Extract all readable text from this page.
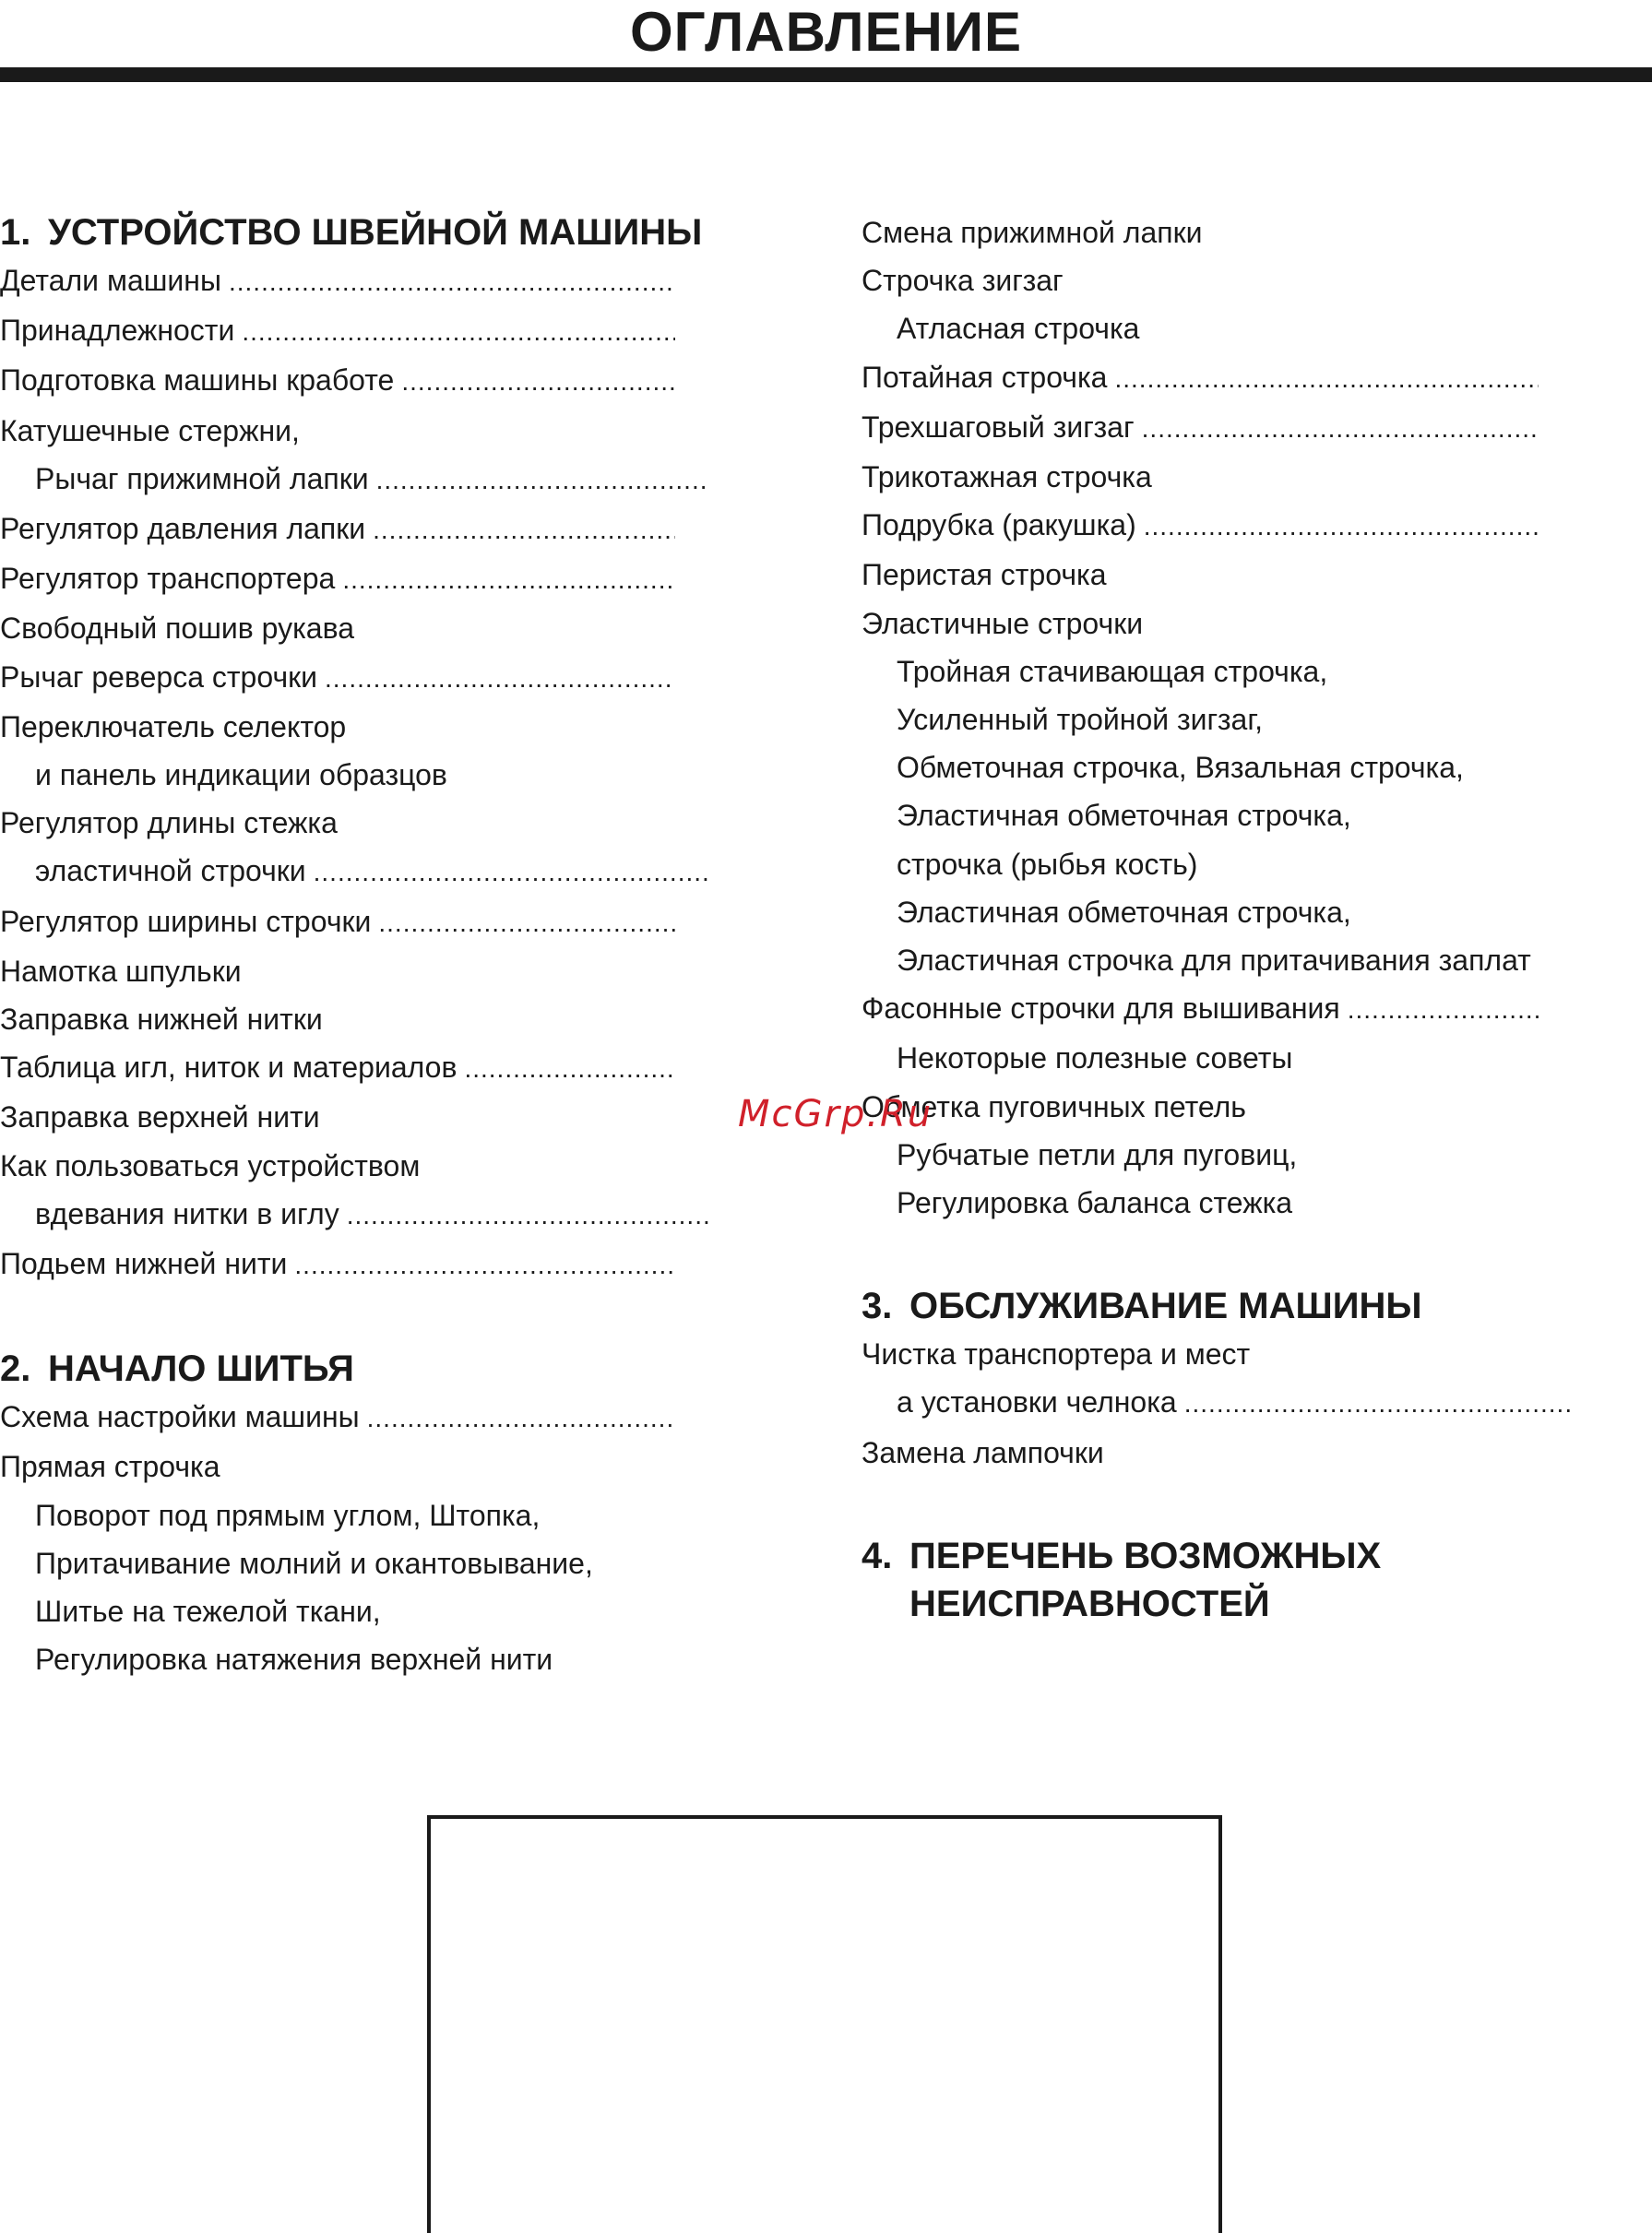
ОГЛАВЛЕНИЕ
1. УСТРОЙСТВО ШВЕЙНОЙ МАШИНЫ
Детали машины
.....
Принадлежности
.....
Подготовка машины кработе
.....
Катушечные стержни,
Рычаг прижимной лапки
.....
Регулятор давления лапки
.....
Регулятор транспортера
.....
Свободный пошив рукава
Рычаг реверса строчки
.....
Переключатель селектор
и панель индикации образцов
Регулятор длины стежка
эластичной строчки
.....
Регулятор ширины строчки
.....
Намотка шпульки
Заправка нижней нитки
Таблица игл, ниток и материалов
.....
Заправка верхней нити
Как пользоваться устройством
вдевания нитки в иглу
.....
Подьем нижней нити
.....
2. НАЧАЛО ШИТЬЯ
Схема настройки машины
.....
Прямая строчка
Поворот под прямым углом, Штопка,
Притачивание молний и окантовывание,
Шитье на тежелой ткани,
Регулировка натяжения верхней нити
Смена прижимной лапки
Строчка зигзаг
Атласная строчка
Потайная строчка
.....
Трехшаговый зигзаг
.....
Трикотажная строчка
Подрубка (ракушка)
.....
Перистая строчка
Эластичные строчки
Тройная стачивающая строчка,
Усиленный тройной зигзаг,
Обметочная строчка, Вязальная строчка,
Эластичная обметочная строчка,
строчка (рыбья кость)
Эластичная обметочная строчка,
Эластичная строчка для притачивания заплат
Фасонные строчки для вышивания
.....
Некоторые полезные советы
Обметка пуговичных петель
Рубчатые петли для пуговиц,
Регулировка баланса стежка
3. ОБСЛУЖИВАНИЕ МАШИНЫ
Чистка транспортера и мест
а установки челнока
.....
Замена лампочки
4. ПЕРЕЧЕНЬ ВОЗМОЖНЫХ
НЕИСПРАВНОСТЕЙ
McGrp.Ru
